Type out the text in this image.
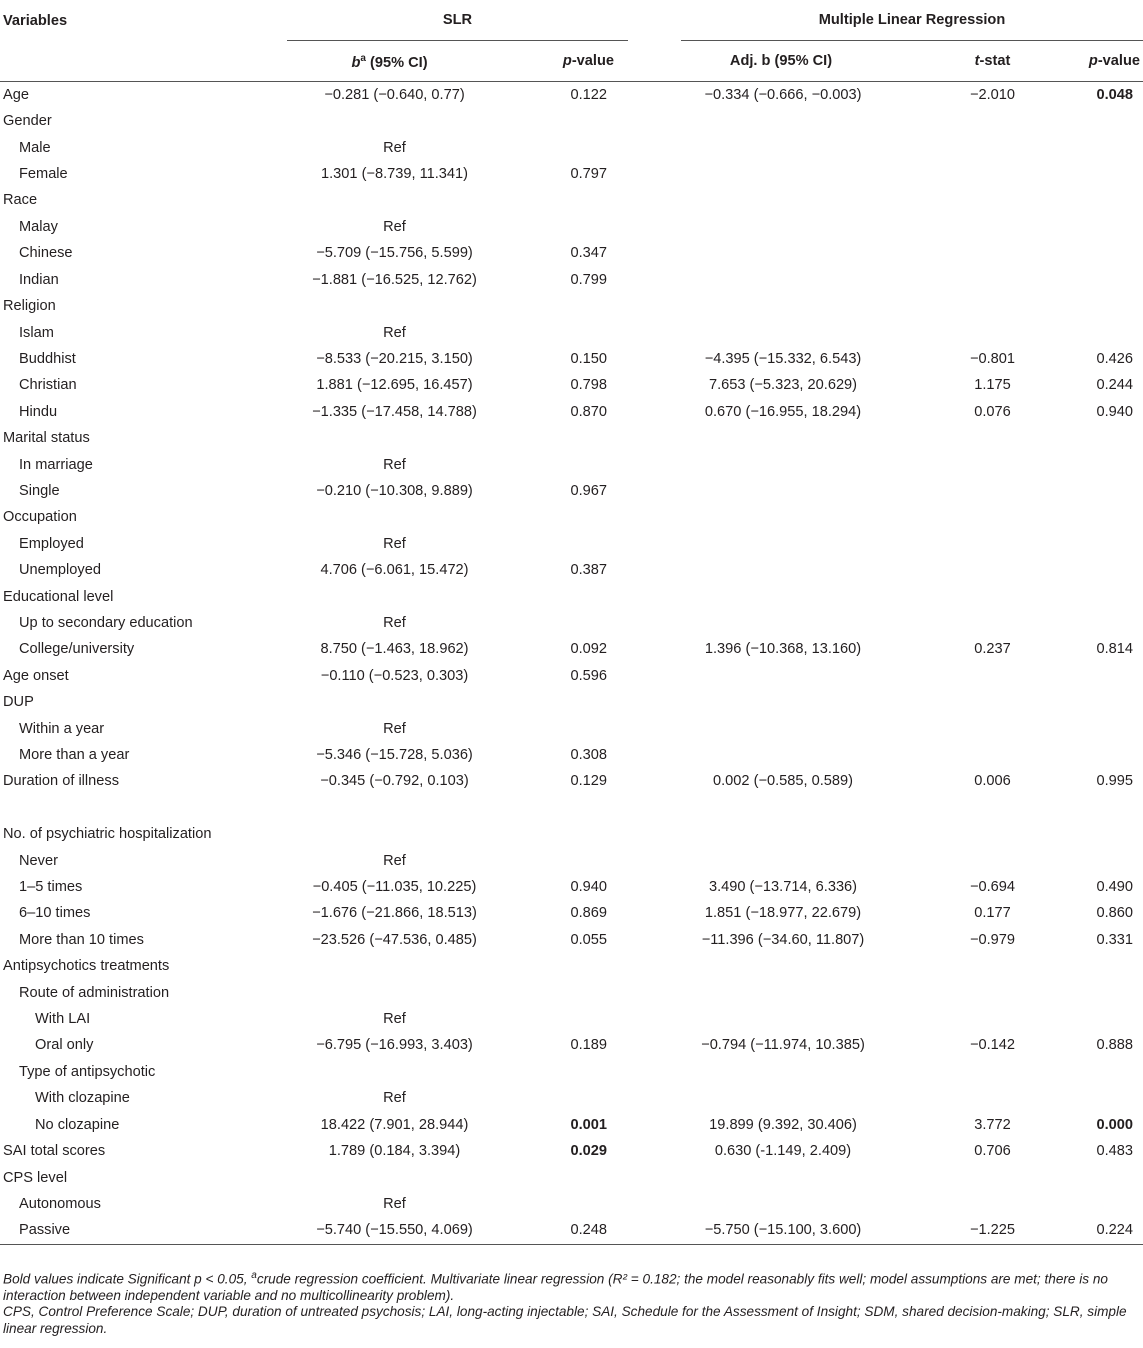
Variables	SLR			Multiple Linear Regression		

	$b^a$ (95% CI)	p-value		Adj. b (95% CI)	t-stat	p-value
Age	−0.281 (−0.640, 0.77)	0.122		−0.334 (−0.666, −0.003)	−2.010	0.048
Gender						
Male	Ref					
Female	1.301 (−8.739, 11.341)	0.797				
Race						
Malay	Ref					
Chinese	−5.709 (−15.756, 5.599)	0.347				
Indian	−1.881 (−16.525, 12.762)	0.799				
Religion						
Islam	Ref					
Buddhist	−8.533 (−20.215, 3.150)	0.150		−4.395 (−15.332, 6.543)	−0.801	0.426
Christian	1.881 (−12.695, 16.457)	0.798		7.653 (−5.323, 20.629)	1.175	0.244
Hindu	−1.335 (−17.458, 14.788)	0.870		0.670 (−16.955, 18.294)	0.076	0.940
Marital status						
In marriage	Ref					
Single	−0.210 (−10.308, 9.889)	0.967				
Occupation						
Employed	Ref					
Unemployed	4.706 (−6.061, 15.472)	0.387				
Educational level						
Up to secondary education	Ref					
College/university	8.750 (−1.463, 18.962)	0.092		1.396 (−10.368, 13.160)	0.237	0.814
Age onset	−0.110 (−0.523, 0.303)	0.596				
DUP						
Within a year	Ref					
More than a year	−5.346 (−15.728, 5.036)	0.308				
Duration of illness	−0.345 (−0.792, 0.103)	0.129		0.002 (−0.585, 0.589)	0.006	0.995

No. of psychiatric hospitalization						
Never	Ref					
1–5 times	−0.405 (−11.035, 10.225)	0.940		3.490 (−13.714, 6.336)	−0.694	0.490
6–10 times	−1.676 (−21.866, 18.513)	0.869		1.851 (−18.977, 22.679)	0.177	0.860
More than 10 times	−23.526 (−47.536, 0.485)	0.055		−11.396 (−34.60, 11.807)	−0.979	0.331
Antipsychotics treatments						
Route of administration						
With LAI	Ref					
Oral only	−6.795 (−16.993, 3.403)	0.189		−0.794 (−11.974, 10.385)	−0.142	0.888
Type of antipsychotic						
With clozapine	Ref					
No clozapine	18.422 (7.901, 28.944)	0.001		19.899 (9.392, 30.406)	3.772	0.000
SAI total scores	1.789 (0.184, 3.394)	0.029		0.630 (-1.149, 2.409)	0.706	0.483
CPS level						
Autonomous	Ref					
Passive	−5.740 (−15.550, 4.069)	0.248		−5.750 (−15.100, 3.600)	−1.225	0.224

Bold values indicate Significant p < 0.05, $^a$crude regression coefficient. Multivariate linear regression (R² = 0.182; the model reasonably fits well; model assumptions are met; there is no interaction between independent variable and no multicollinearity problem).

CPS, Control Preference Scale; DUP, duration of untreated psychosis; LAI, long-acting injectable; SAI, Schedule for the Assessment of Insight; SDM, shared decision-making; SLR, simple linear regression.
